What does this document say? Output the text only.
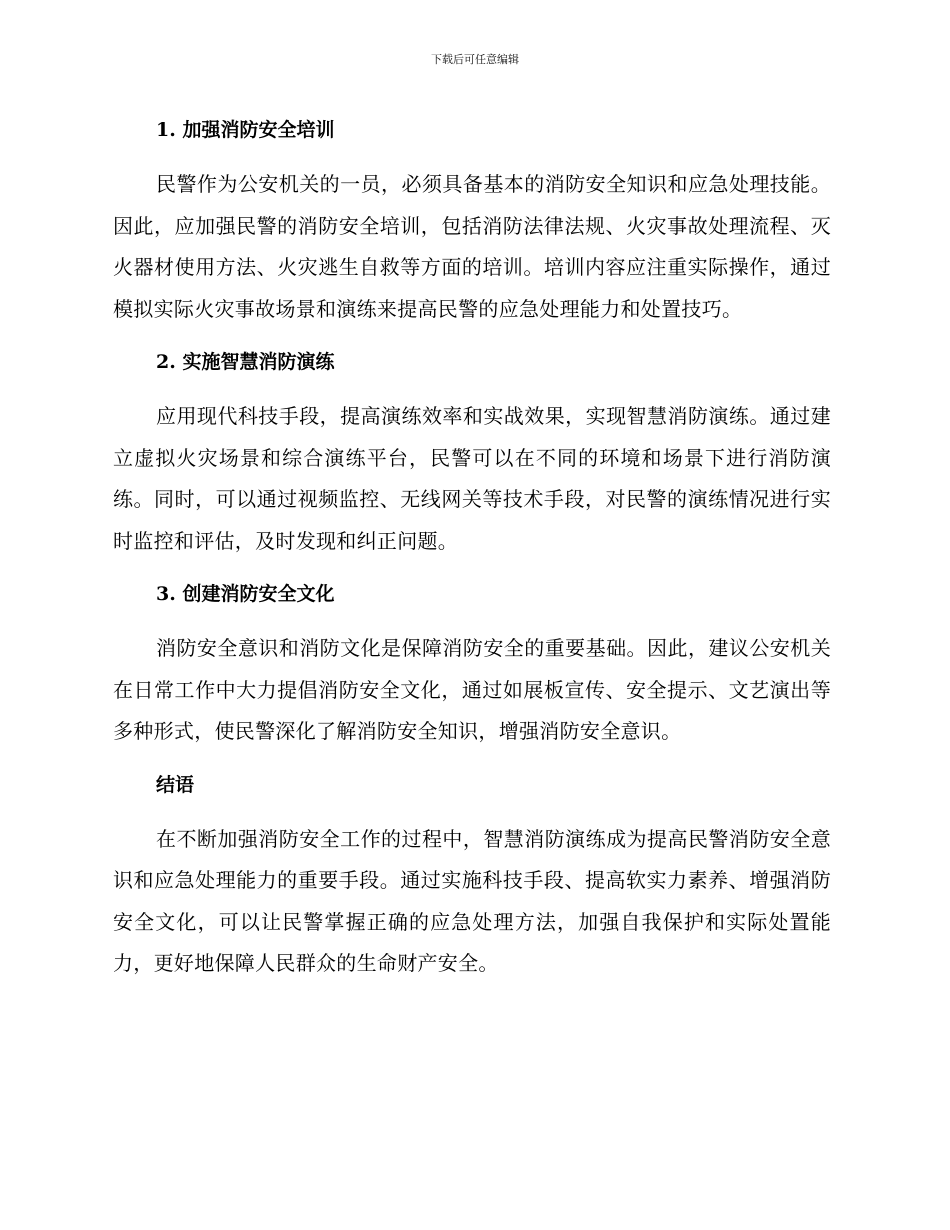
下载后可任意编辑
1. 加强消防安全培训

民警作为公安机关的一员，必须具备基本的消防安全知识和应急处理技能。因此，应加强民警的消防安全培训，包括消防法律法规、火灾事故处理流程、灭火器材使用方法、火灾逃生自救等方面的培训。培训内容应注重实际操作，通过模拟实际火灾事故场景和演练来提高民警的应急处理能力和处置技巧。

2. 实施智慧消防演练

应用现代科技手段，提高演练效率和实战效果，实现智慧消防演练。通过建立虚拟火灾场景和综合演练平台，民警可以在不同的环境和场景下进行消防演练。同时，可以通过视频监控、无线网关等技术手段，对民警的演练情况进行实时监控和评估，及时发现和纠正问题。

3. 创建消防安全文化

消防安全意识和消防文化是保障消防安全的重要基础。因此，建议公安机关在日常工作中大力提倡消防安全文化，通过如展板宣传、安全提示、文艺演出等多种形式，使民警深化了解消防安全知识，增强消防安全意识。

结语

在不断加强消防安全工作的过程中，智慧消防演练成为提高民警消防安全意识和应急处理能力的重要手段。通过实施科技手段、提高软实力素养、增强消防安全文化，可以让民警掌握正确的应急处理方法，加强自我保护和实际处置能力，更好地保障人民群众的生命财产安全。
